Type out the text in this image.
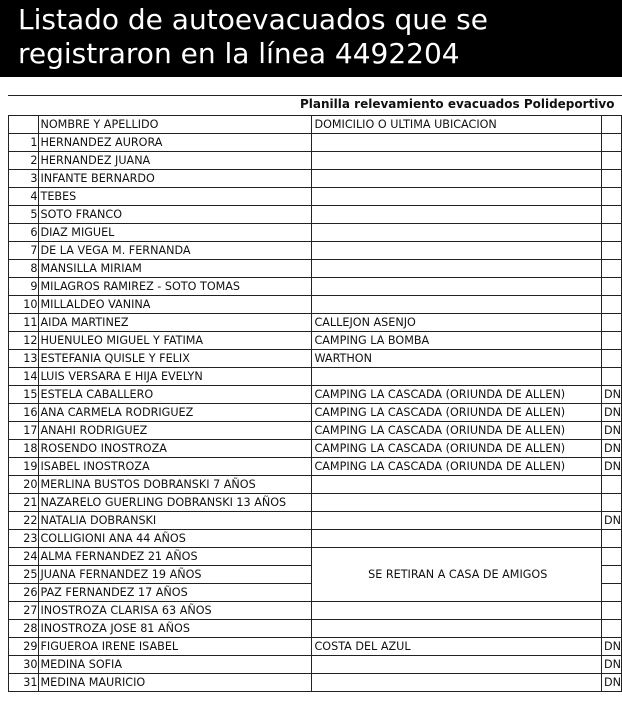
Listado de autoevacuados que se registraron en la línea 4492204
Planilla relevamiento evacuados Polideportivo
	NOMBRE Y APELLIDO	DOMICILIO O ULTIMA UBICACION	
1	HERNANDEZ AURORA		
2	HERNANDEZ JUANA		
3	INFANTE BERNARDO		
4	TEBES		
5	SOTO FRANCO		
6	DIAZ MIGUEL		
7	DE LA VEGA M. FERNANDA		
8	MANSILLA MIRIAM		
9	MILAGROS RAMIREZ - SOTO TOMAS		
10	MILLALDEO VANINA		
11	AIDA MARTINEZ	CALLEJON ASENJO	
12	HUENULEO MIGUEL Y FATIMA	CAMPING LA BOMBA	
13	ESTEFANIA QUISLE Y FELIX	WARTHON	
14	LUIS VERSARA E HIJA EVELYN		
15	ESTELA CABALLERO	CAMPING LA CASCADA (ORIUNDA DE ALLEN)	DN
16	ANA CARMELA RODRIGUEZ	CAMPING LA CASCADA (ORIUNDA DE ALLEN)	DN
17	ANAHI RODRIGUEZ	CAMPING LA CASCADA (ORIUNDA DE ALLEN)	DN
18	ROSENDO INOSTROZA	CAMPING LA CASCADA (ORIUNDA DE ALLEN)	DN
19	ISABEL INOSTROZA	CAMPING LA CASCADA (ORIUNDA DE ALLEN)	DN
20	MERLINA BUSTOS DOBRANSKI 7 AÑOS		
21	NAZARELO GUERLING DOBRANSKI 13 AÑOS		
22	NATALIA DOBRANSKI		DN
23	COLLIGIONI ANA 44 AÑOS		
24	ALMA FERNANDEZ 21 AÑOS	SE RETIRAN A CASA DE AMIGOS	
25	JUANA FERNANDEZ 19 AÑOS		
26	PAZ FERNANDEZ 17 AÑOS		
27	INOSTROZA CLARISA 63 AÑOS		
28	INOSTROZA JOSE 81 AÑOS		
29	FIGUEROA IRENE ISABEL	COSTA DEL AZUL	DN
30	MEDINA SOFIA		DN
31	MEDINA MAURICIO		DN
